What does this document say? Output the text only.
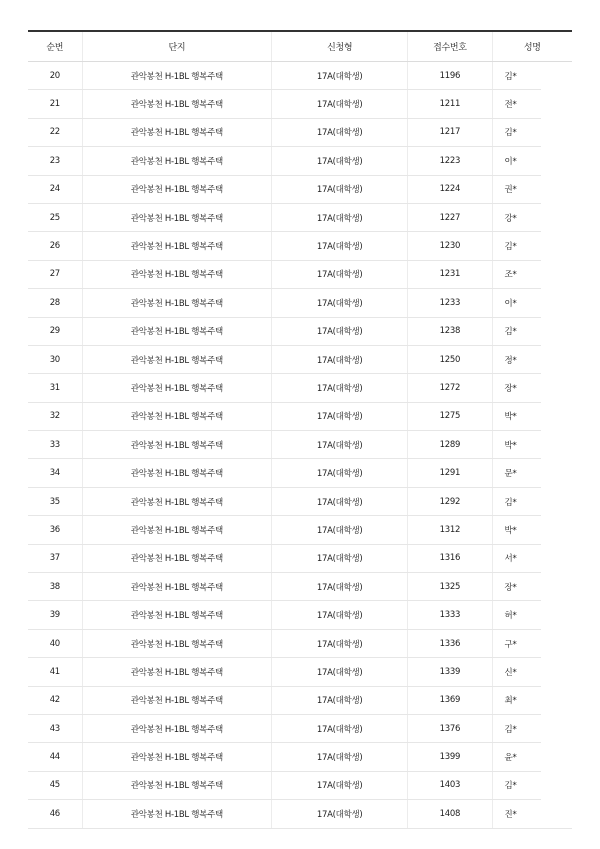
순번	단지	신청형	접수번호	성명
20	관악봉천 H-1BL 행복주택	17A(대학생)	1196	김*
21	관악봉천 H-1BL 행복주택	17A(대학생)	1211	전*
22	관악봉천 H-1BL 행복주택	17A(대학생)	1217	김*
23	관악봉천 H-1BL 행복주택	17A(대학생)	1223	이*
24	관악봉천 H-1BL 행복주택	17A(대학생)	1224	권*
25	관악봉천 H-1BL 행복주택	17A(대학생)	1227	강*
26	관악봉천 H-1BL 행복주택	17A(대학생)	1230	김*
27	관악봉천 H-1BL 행복주택	17A(대학생)	1231	조*
28	관악봉천 H-1BL 행복주택	17A(대학생)	1233	이*
29	관악봉천 H-1BL 행복주택	17A(대학생)	1238	김*
30	관악봉천 H-1BL 행복주택	17A(대학생)	1250	정*
31	관악봉천 H-1BL 행복주택	17A(대학생)	1272	장*
32	관악봉천 H-1BL 행복주택	17A(대학생)	1275	박*
33	관악봉천 H-1BL 행복주택	17A(대학생)	1289	박*
34	관악봉천 H-1BL 행복주택	17A(대학생)	1291	문*
35	관악봉천 H-1BL 행복주택	17A(대학생)	1292	김*
36	관악봉천 H-1BL 행복주택	17A(대학생)	1312	박*
37	관악봉천 H-1BL 행복주택	17A(대학생)	1316	서*
38	관악봉천 H-1BL 행복주택	17A(대학생)	1325	장*
39	관악봉천 H-1BL 행복주택	17A(대학생)	1333	허*
40	관악봉천 H-1BL 행복주택	17A(대학생)	1336	구*
41	관악봉천 H-1BL 행복주택	17A(대학생)	1339	신*
42	관악봉천 H-1BL 행복주택	17A(대학생)	1369	최*
43	관악봉천 H-1BL 행복주택	17A(대학생)	1376	김*
44	관악봉천 H-1BL 행복주택	17A(대학생)	1399	윤*
45	관악봉천 H-1BL 행복주택	17A(대학생)	1403	김*
46	관악봉천 H-1BL 행복주택	17A(대학생)	1408	진*
